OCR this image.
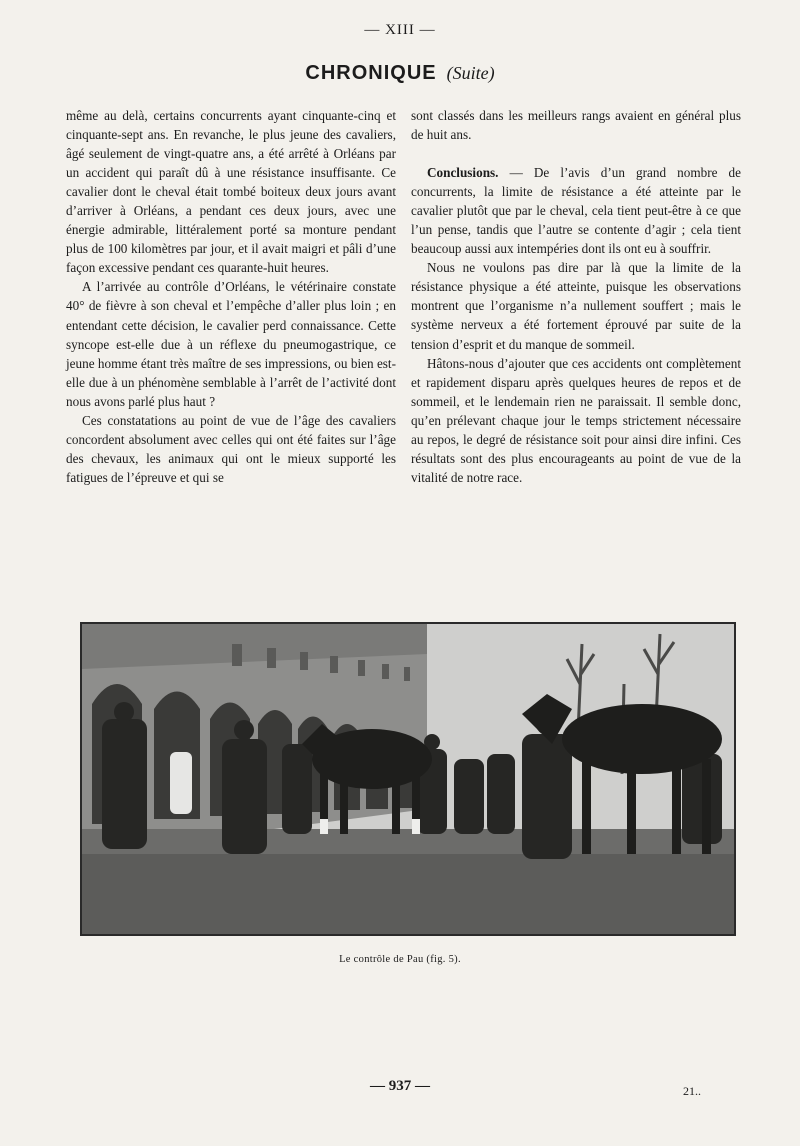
— XIII —
CHRONIQUE (Suite)

même au delà, certains concurrents ayant cinquante-cinq et cinquante-sept ans. En revanche, le plus jeune des cavaliers, âgé seulement de vingt-quatre ans, a été arrêté à Orléans par un accident qui paraît dû à une résistance insuffisante. Ce cavalier dont le cheval était tombé boiteux deux jours avant d’arriver à Orléans, a pendant ces deux jours, avec une énergie admirable, littéralement porté sa monture pendant plus de 100 kilomètres par jour, et il avait maigri et pâli d’une façon excessive pendant ces quarante-huit heures.

A l’arrivée au contrôle d’Orléans, le vétérinaire constate 40° de fièvre à son cheval et l’empêche d’aller plus loin ; en entendant cette décision, le cavalier perd connaissance. Cette syncope est-elle due à un réflexe du pneumogastrique, ce jeune homme étant très maître de ses impressions, ou bien est-elle due à un phénomène semblable à l’arrêt de l’activité dont nous avons parlé plus haut ?

Ces constatations au point de vue de l’âge des cavaliers concordent absolument avec celles qui ont été faites sur l’âge des chevaux, les animaux qui ont le mieux supporté les fatigues de l’épreuve et qui se

sont classés dans les meilleurs rangs avaient en général plus de huit ans.

Conclusions. — De l’avis d’un grand nombre de concurrents, la limite de résistance a été atteinte par le cavalier plutôt que par le cheval, cela tient peut-être à ce que l’un pense, tandis que l’autre se contente d’agir ; cela tient beaucoup aussi aux intempéries dont ils ont eu à souffrir.

Nous ne voulons pas dire par là que la limite de la résistance physique a été atteinte, puisque les observations montrent que l’organisme n’a nullement souffert ; mais le système nerveux a été fortement éprouvé par suite de la tension d’esprit et du manque de sommeil.

Hâtons-nous d’ajouter que ces accidents ont complètement et rapidement disparu après quelques heures de repos et de sommeil, et le lendemain rien ne paraissait. Il semble donc, qu’en prélevant chaque jour le temps strictement nécessaire au repos, le degré de résistance soit pour ainsi dire infini. Ces résultats sont des plus encourageants au point de vue de la vitalité de notre race.

Le contrôle de Pau (fig. 5).
— 937 —	21..
